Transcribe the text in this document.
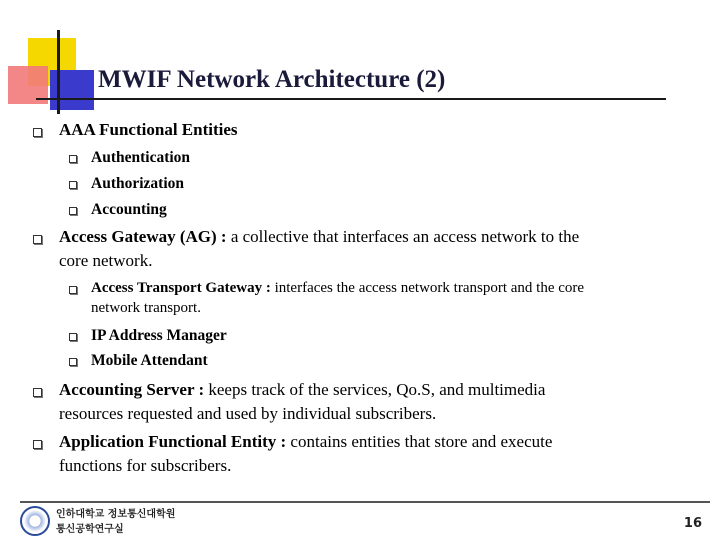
MWIF Network Architecture (2)
AAA Functional Entities
Authentication
Authorization
Accounting
Access Gateway (AG) : a collective that interfaces an access network to the
core network.
Access Transport Gateway : interfaces the access network transport and the core
network transport.
IP Address Manager
Mobile Attendant
Accounting Server : keeps track of the services, Qo.S, and multimedia
resources requested and used by individual subscribers.
Application Functional Entity : contains entities that store and execute
functions for subscribers.
인하대학교 정보통신대학원
통신공학연구실	16
